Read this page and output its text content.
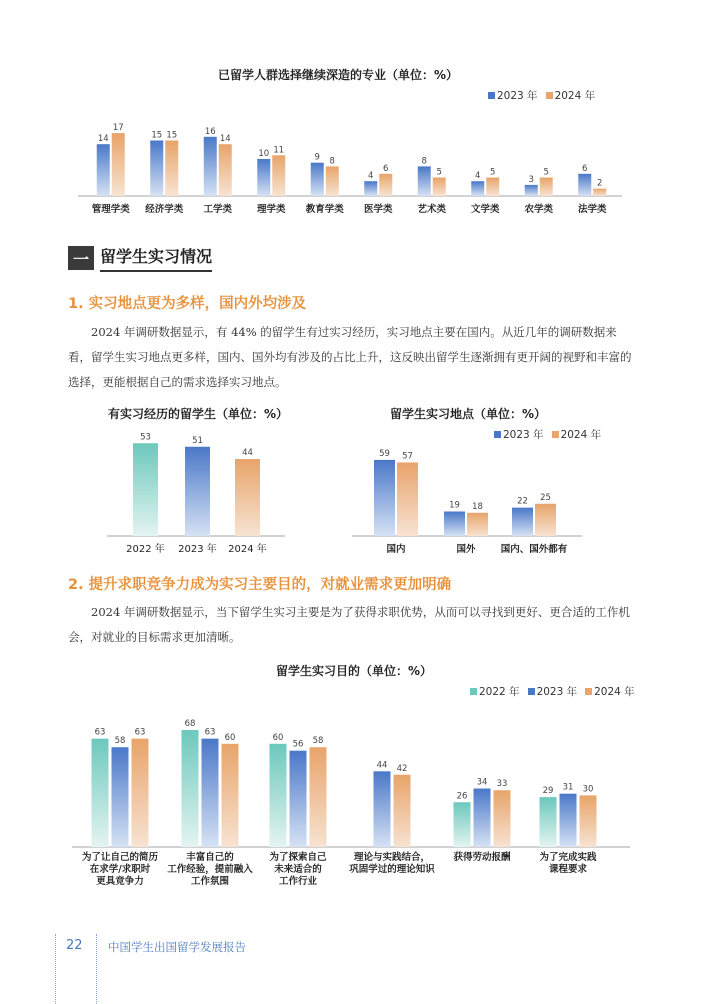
已留学人群选择继续深造的专业（单位：%）
2023 年 2024 年
14
17
管理学类
15 15
经济学类
16
14
工学类
10 11
理学类
9 8
教育学类
4
6
医学类
8
5
艺术类
4 5
文学类
3
5
农学类
6
2
法学类
一 留学生实习情况
1. 实习地点更为多样，国内外均涉及
2024 年调研数据显示，有 44% 的留学生有过实习经历，实习地点主要在国内。从近几年的调研数据来看，留学生实习地点更多样，国内、国外均有涉及的占比上升，这反映出留学生逐渐拥有更开阔的视野和丰富的选择，更能根据自己的需求选择实习地点。
有实习经历的留学生（单位：%）
53
2022 年
51
2023 年
44
2024 年
留学生实习地点（单位：%）
2023 年 2024 年
59 57
国内
19 18
国外
22 25
国内、国外都有
2. 提升求职竞争力成为实习主要目的，对就业需求更加明确
2024 年调研数据显示，当下留学生实习主要是为了获得求职优势，从而可以寻找到更好、更合适的工作机会，对就业的目标需求更加清晰。
留学生实习目的（单位：%）
2022 年 2023 年 2024 年
63
58
63
为了让自己的简历
在求学/求职时
更具竞争力
68
63
60
丰富自己的
工作经验，提前融入
工作氛围
60
56 58
为了探索自己
未来适合的
工作行业
44 42
理论与实践结合，
巩固学过的理论知识
26
34 33
获得劳动报酬
29 31 30
为了完成实践
课程要求
22 中国学生出国留学发展报告
